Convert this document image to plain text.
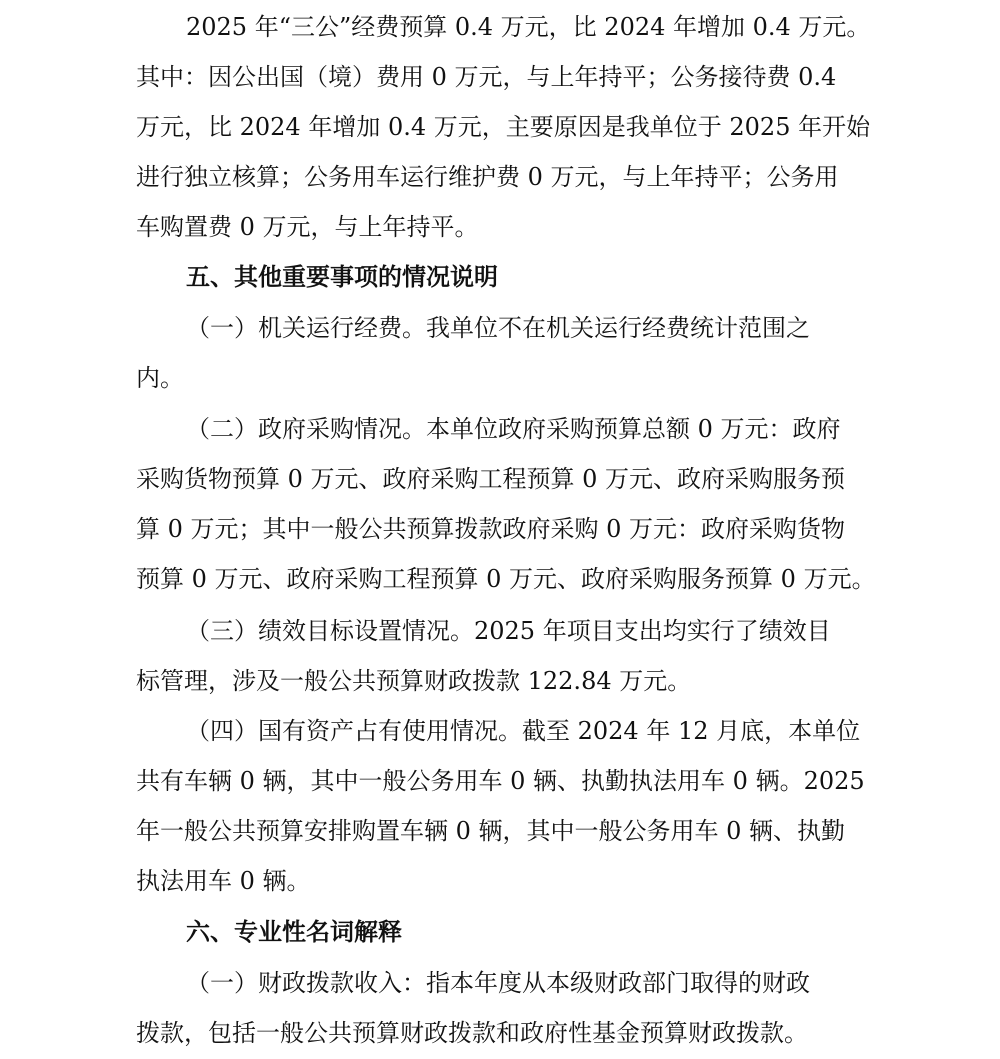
2025 年“三公”经费预算 0.4 万元，比 2024 年增加 0.4 万元。
其中：因公出国（境）费用 0 万元，与上年持平；公务接待费 0.4
万元，比 2024 年增加 0.4 万元，主要原因是我单位于 2025 年开始
进行独立核算；公务用车运行维护费 0 万元，与上年持平；公务用
车购置费 0 万元，与上年持平。
五、其他重要事项的情况说明
（一）机关运行经费。我单位不在机关运行经费统计范围之
内。
（二）政府采购情况。本单位政府采购预算总额 0 万元：政府
采购货物预算 0 万元、政府采购工程预算 0 万元、政府采购服务预
算 0 万元；其中一般公共预算拨款政府采购 0 万元：政府采购货物
预算 0 万元、政府采购工程预算 0 万元、政府采购服务预算 0 万元。
（三）绩效目标设置情况。2025 年项目支出均实行了绩效目
标管理，涉及一般公共预算财政拨款 122.84 万元。
（四）国有资产占有使用情况。截至 2024 年 12 月底，本单位
共有车辆 0 辆，其中一般公务用车 0 辆、执勤执法用车 0 辆。2025
年一般公共预算安排购置车辆 0 辆，其中一般公务用车 0 辆、执勤
执法用车 0 辆。
六、专业性名词解释
（一）财政拨款收入：指本年度从本级财政部门取得的财政
拨款，包括一般公共预算财政拨款和政府性基金预算财政拨款。
